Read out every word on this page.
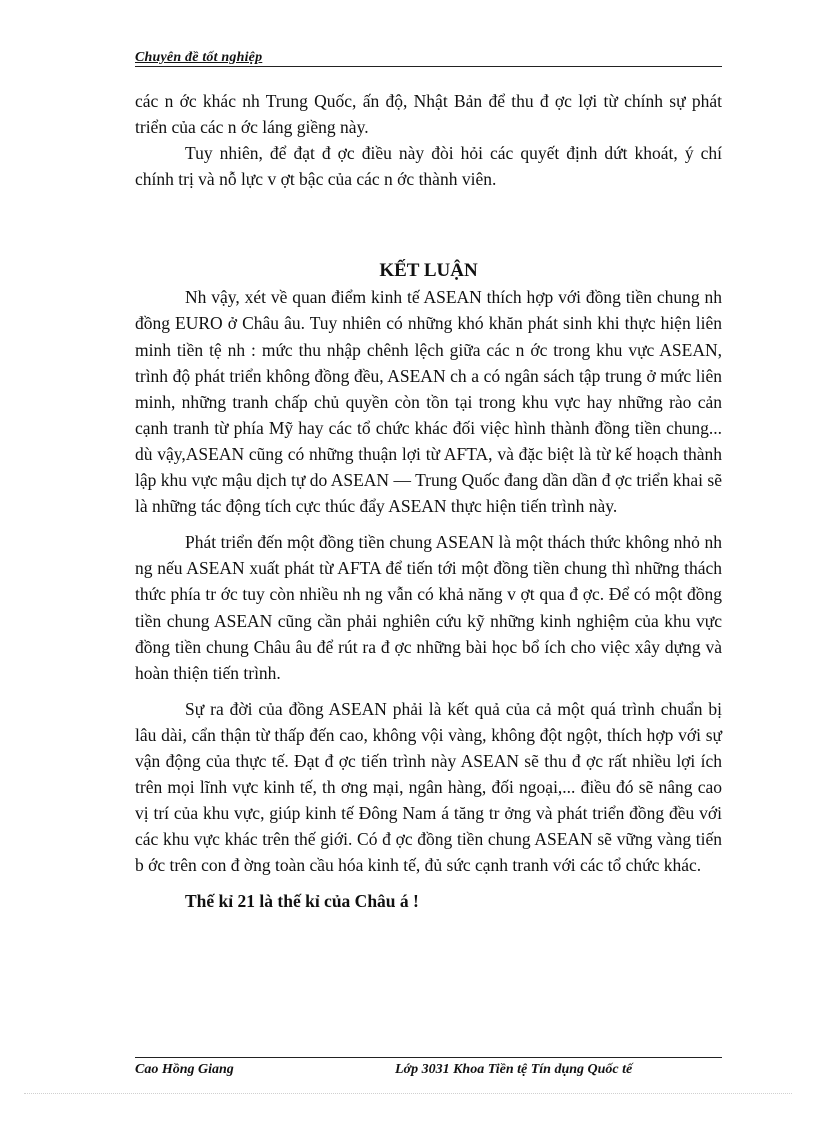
Chuyên đề tốt nghiệp

các n ớc khác nh Trung Quốc, ấn độ, Nhật Bản để thu đ ợc lợi từ chính sự phát triển của các n ớc láng giềng này.

Tuy nhiên, để đạt đ ợc điều này đòi hỏi các quyết định dứt khoát, ý chí chính trị và nỗ lực v ợt bậc của các n ớc thành viên.

KẾT LUẬN

Nh vậy, xét về quan điểm kinh tế ASEAN thích hợp với đồng tiền chung nh đồng EURO ở Châu âu. Tuy nhiên có những khó khăn phát sinh khi thực hiện liên minh tiền tệ nh : mức thu nhập chênh lệch giữa các n ớc trong khu vực ASEAN, trình độ phát triển không đồng đều, ASEAN ch a có ngân sách tập trung ở mức liên minh, những tranh chấp chủ quyền còn tồn tại trong khu vực hay những rào cản cạnh tranh từ phía Mỹ hay các tổ chức khác đối việc hình thành đồng tiền chung... dù vậy,ASEAN cũng có những thuận lợi từ AFTA, và đặc biệt là từ kế hoạch thành lập khu vực mậu dịch tự do ASEAN — Trung Quốc đang dần dần đ ợc triển khai sẽ là những tác động tích cực thúc đẩy ASEAN thực hiện tiến trình này.

Phát triển đến một đồng tiền chung ASEAN là một thách thức không nhỏ nh ng nếu ASEAN xuất phát từ AFTA để tiến tới một đồng tiền chung thì những thách thức phía tr ớc tuy còn nhiều nh ng vẫn có khả năng v ợt qua đ ợc. Để có một đồng tiền chung ASEAN cũng cần phải nghiên cứu kỹ những kinh nghiệm của khu vực đồng tiền chung Châu âu để rút ra đ ợc những bài học bổ ích cho việc xây dựng và hoàn thiện tiến trình.

Sự ra đời của đồng ASEAN phải là kết quả của cả một quá trình chuẩn bị lâu dài, cẩn thận từ thấp đến cao, không vội vàng, không đột ngột, thích hợp với sự vận động của thực tế. Đạt đ ợc tiến trình này ASEAN sẽ thu đ ợc rất nhiều lợi ích trên mọi lĩnh vực kinh tế, th ơng mại, ngân hàng, đối ngoại,... điều đó sẽ nâng cao vị trí của khu vực, giúp kinh tế Đông Nam á tăng tr ởng và phát triển đồng đều với các khu vực khác trên thế giới. Có đ ợc đồng tiền chung ASEAN sẽ vững vàng tiến b ớc trên con đ ờng toàn cầu hóa kinh tế, đủ sức cạnh tranh với các tổ chức khác.

Thế kỉ 21 là thế kỉ của Châu á !

Cao Hồng Giang	Lớp 3031 Khoa Tiền tệ Tín dụng Quốc tế
